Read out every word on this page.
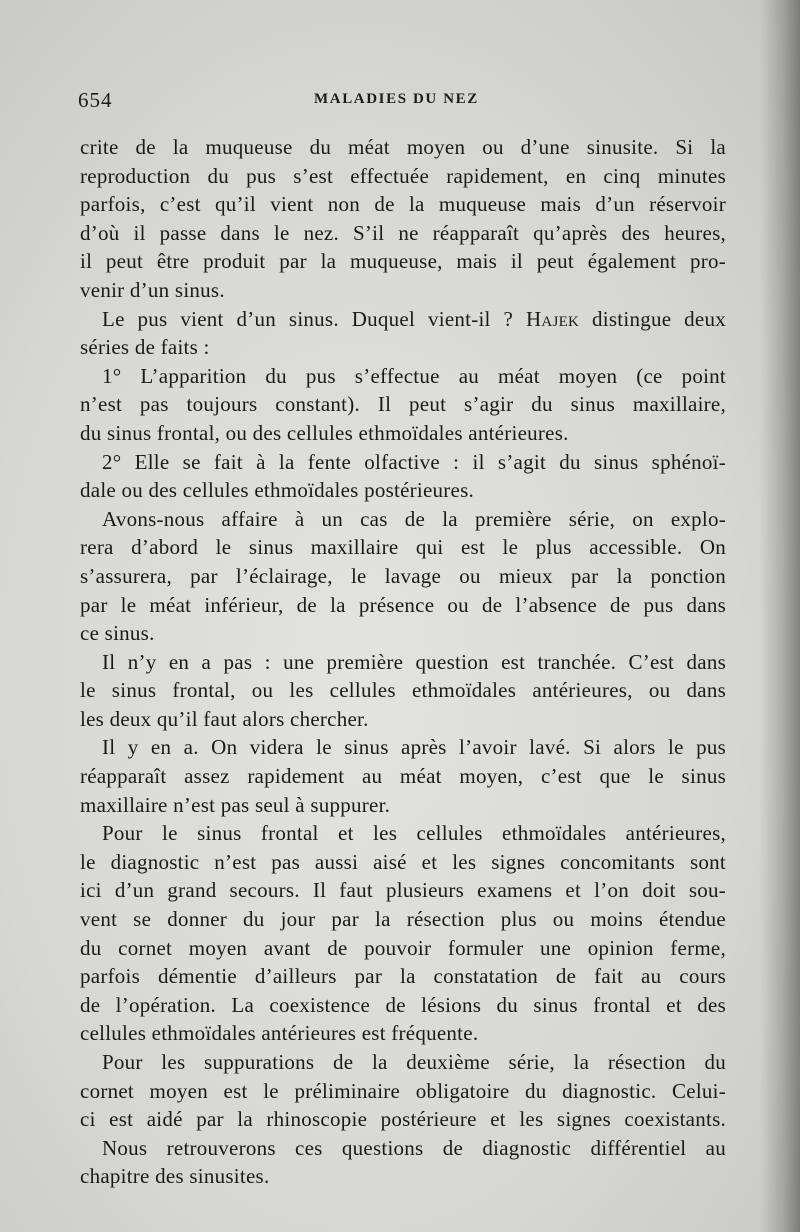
654	MALADIES DU NEZ
crite de la muqueuse du méat moyen ou d’une sinusite. Si la
reproduction du pus s’est effectuée rapidement, en cinq minutes
parfois, c’est qu’il vient non de la muqueuse mais d’un réservoir
d’où il passe dans le nez. S’il ne réapparaît qu’après des heures,
il peut être produit par la muqueuse, mais il peut également pro-
venir d’un sinus.
Le pus vient d’un sinus. Duquel vient-il ? Hajek distingue deux
séries de faits :
1° L’apparition du pus s’effectue au méat moyen (ce point
n’est pas toujours constant). Il peut s’agir du sinus maxillaire,
du sinus frontal, ou des cellules ethmoïdales antérieures.
2° Elle se fait à la fente olfactive : il s’agit du sinus sphénoï-
dale ou des cellules ethmoïdales postérieures.
Avons-nous affaire à un cas de la première série, on explo-
rera d’abord le sinus maxillaire qui est le plus accessible. On
s’assurera, par l’éclairage, le lavage ou mieux par la ponction
par le méat inférieur, de la présence ou de l’absence de pus dans
ce sinus.
Il n’y en a pas : une première question est tranchée. C’est dans
le sinus frontal, ou les cellules ethmoïdales antérieures, ou dans
les deux qu’il faut alors chercher.
Il y en a. On videra le sinus après l’avoir lavé. Si alors le pus
réapparaît assez rapidement au méat moyen, c’est que le sinus
maxillaire n’est pas seul à suppurer.
Pour le sinus frontal et les cellules ethmoïdales antérieures,
le diagnostic n’est pas aussi aisé et les signes concomitants sont
ici d’un grand secours. Il faut plusieurs examens et l’on doit sou-
vent se donner du jour par la résection plus ou moins étendue
du cornet moyen avant de pouvoir formuler une opinion ferme,
parfois démentie d’ailleurs par la constatation de fait au cours
de l’opération. La coexistence de lésions du sinus frontal et des
cellules ethmoïdales antérieures est fréquente.
Pour les suppurations de la deuxième série, la résection du
cornet moyen est le préliminaire obligatoire du diagnostic. Celui-
ci est aidé par la rhinoscopie postérieure et les signes coexistants.
Nous retrouverons ces questions de diagnostic différentiel au
chapitre des sinusites.
